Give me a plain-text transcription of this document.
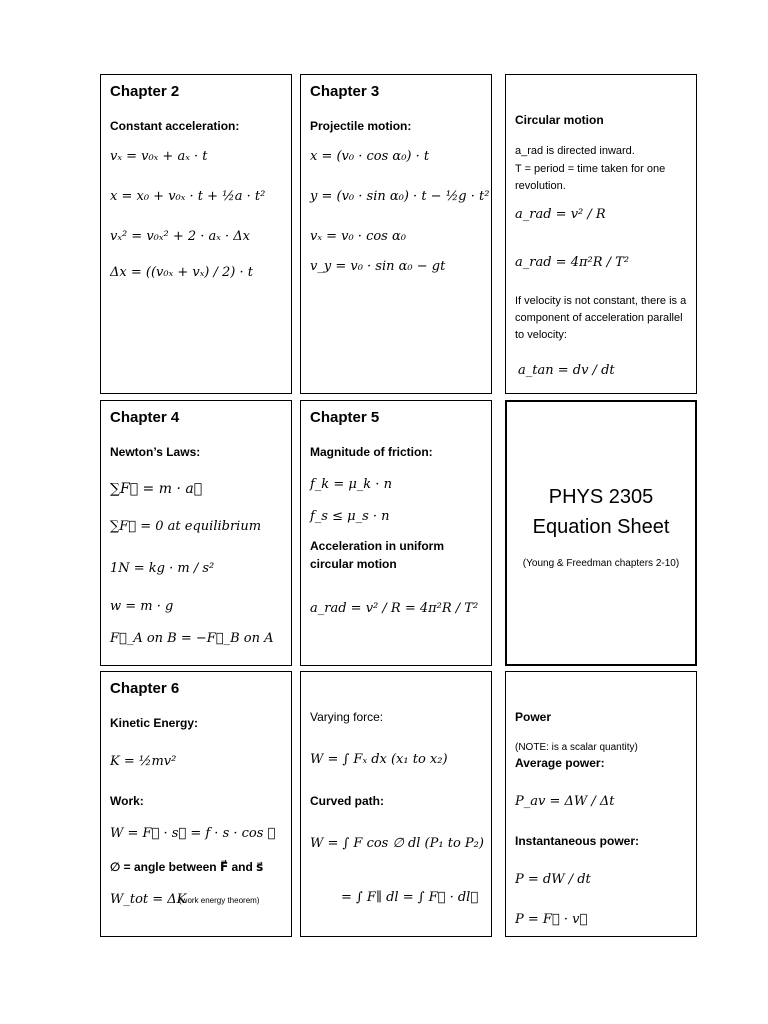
Chapter 2
Constant acceleration:
vₓ = v₀ₓ + aₓ · t
x = x₀ + v₀ₓ · t + ½a · t²
vₓ² = v₀ₓ² + 2 · aₓ · Δx
Δx = ((v₀ₓ + vₓ) / 2) · t
Chapter 3
Projectile motion:
x = (v₀ · cos α₀) · t
y = (v₀ · sin α₀) · t − ½g · t²
vₓ = v₀ · cos α₀
v_y = v₀ · sin α₀ − gt
Circular motion
a_rad is directed inward.
T = period = time taken for one revolution.
a_rad = v² / R
a_rad = 4π²R / T²
If velocity is not constant, there is a component of acceleration parallel to velocity:
a_tan = dv / dt
Chapter 4
Newton’s Laws:
∑F⃗ = m · a⃗
∑F⃗ = 0 at equilibrium
1N = kg · m / s²
w = m · g
F⃗_A on B = −F⃗_B on A
Chapter 5
Magnitude of friction:
f_k = μ_k · n
f_s ≤ μ_s · n
Acceleration in uniform circular motion
a_rad = v² / R = 4π²R / T²
PHYS 2305
Equation Sheet
(Young & Freedman chapters 2-10)
Chapter 6
Kinetic Energy:
K = ½mv²
Work:
W = F⃗ · s⃗ = f · s · cos ∅
∅ = angle between F⃗ and s⃗
W_tot = ΔK
(work energy theorem)
Varying force:
W = ∫ Fₓ dx (x₁ to x₂)
Curved path:
W = ∫ F cos ∅ dl (P₁ to P₂)
= ∫ F∥ dl = ∫ F⃗ · dl⃗
Power
(NOTE: is a scalar quantity)
Average power:
P_av = ΔW / Δt
Instantaneous power:
P = dW / dt
P = F⃗ · v⃗
